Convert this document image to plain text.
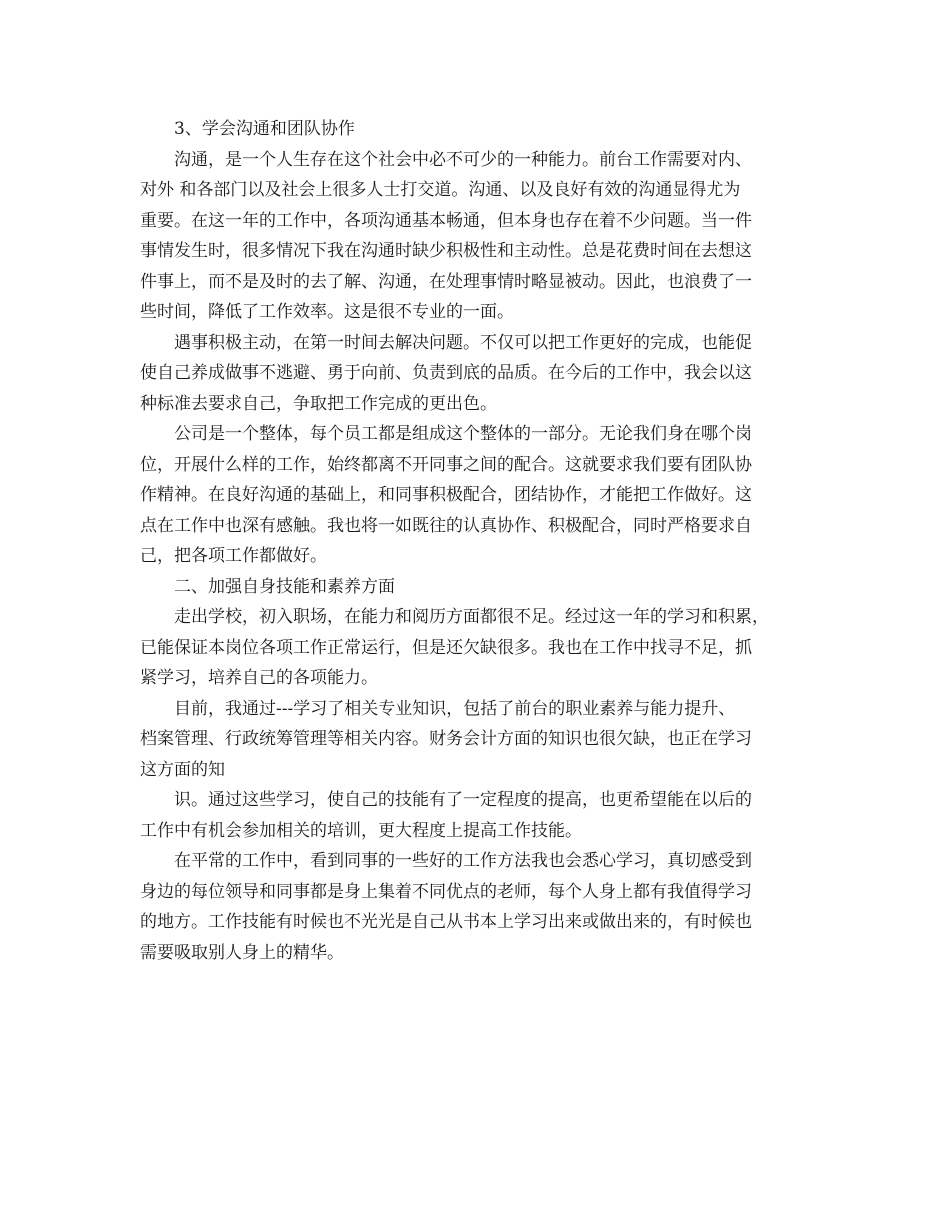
3、学会沟通和团队协作
沟通，是一个人生存在这个社会中必不可少的一种能力。前台工作需要对内、
对外 和各部门以及社会上很多人士打交道。沟通、以及良好有效的沟通显得尤为
重要。在这一年的工作中，各项沟通基本畅通，但本身也存在着不少问题。当一件
事情发生时，很多情况下我在沟通时缺少积极性和主动性。总是花费时间在去想这
件事上，而不是及时的去了解、沟通，在处理事情时略显被动。因此，也浪费了一
些时间，降低了工作效率。这是很不专业的一面。
遇事积极主动，在第一时间去解决问题。不仅可以把工作更好的完成，也能促
使自己养成做事不逃避、勇于向前、负责到底的品质。在今后的工作中，我会以这
种标准去要求自己，争取把工作完成的更出色。
公司是一个整体，每个员工都是组成这个整体的一部分。无论我们身在哪个岗
位，开展什么样的工作，始终都离不开同事之间的配合。这就要求我们要有团队协
作精神。在良好沟通的基础上，和同事积极配合，团结协作，才能把工作做好。这
点在工作中也深有感触。我也将一如既往的认真协作、积极配合，同时严格要求自
己，把各项工作都做好。
二、加强自身技能和素养方面
走出学校，初入职场，在能力和阅历方面都很不足。经过这一年的学习和积累，
已能保证本岗位各项工作正常运行，但是还欠缺很多。我也在工作中找寻不足，抓
紧学习，培养自己的各项能力。
目前，我通过---学习了相关专业知识，包括了前台的职业素养与能力提升、
档案管理、行政统筹管理等相关内容。财务会计方面的知识也很欠缺，也正在学习
这方面的知
识。通过这些学习，使自己的技能有了一定程度的提高，也更希望能在以后的
工作中有机会参加相关的培训，更大程度上提高工作技能。
在平常的工作中，看到同事的一些好的工作方法我也会悉心学习，真切感受到
身边的每位领导和同事都是身上集着不同优点的老师，每个人身上都有我值得学习
的地方。工作技能有时候也不光光是自己从书本上学习出来或做出来的，有时候也
需要吸取别人身上的精华。
